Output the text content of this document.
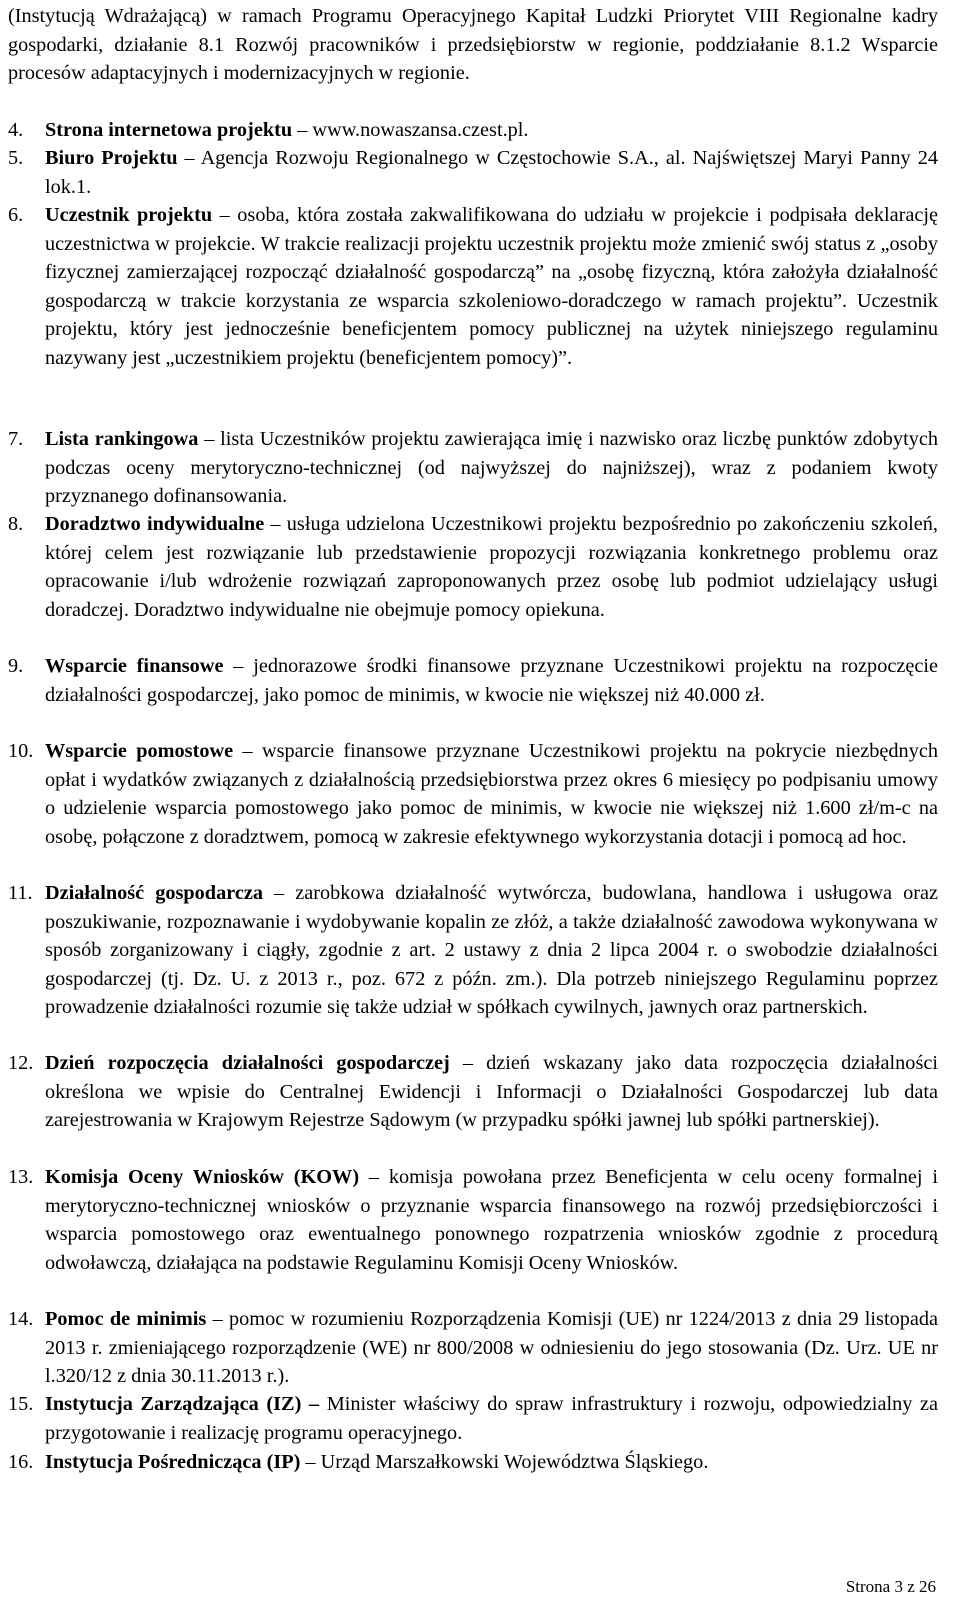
(Instytucją Wdrażającą) w ramach Programu Operacyjnego Kapitał Ludzki Priorytet VIII Regionalne kadry gospodarki, działanie 8.1 Rozwój pracowników i przedsiębiorstw w regionie, poddziałanie 8.1.2 Wsparcie procesów adaptacyjnych i modernizacyjnych w regionie.

4.	Strona internetowa projektu – www.nowaszansa.czest.pl.

5.	Biuro Projektu – Agencja Rozwoju Regionalnego w Częstochowie S.A., al. Najświętszej Maryi Panny 24 lok.1.

6.	Uczestnik projektu – osoba, która została zakwalifikowana do udziału w projekcie i podpisała deklarację uczestnictwa w projekcie. W trakcie realizacji projektu uczestnik projektu może zmienić swój status z „osoby fizycznej zamierzającej rozpocząć działalność gospodarczą” na „osobę fizyczną, która założyła działalność gospodarczą w trakcie korzystania ze wsparcia szkoleniowo-doradczego w ramach projektu”. Uczestnik projektu, który jest jednocześnie beneficjentem pomocy publicznej na użytek niniejszego regulaminu nazywany jest „uczestnikiem projektu (beneficjentem pomocy)”.

7.	Lista rankingowa – lista Uczestników projektu zawierająca imię i nazwisko oraz liczbę punktów zdobytych podczas oceny merytoryczno-technicznej (od najwyższej do najniższej), wraz z podaniem kwoty przyznanego dofinansowania.

8.	Doradztwo indywidualne – usługa udzielona Uczestnikowi projektu bezpośrednio po zakończeniu szkoleń, której celem jest rozwiązanie lub przedstawienie propozycji rozwiązania konkretnego problemu oraz opracowanie i/lub wdrożenie rozwiązań zaproponowanych przez osobę lub podmiot udzielający usługi doradczej. Doradztwo indywidualne nie obejmuje pomocy opiekuna.

9.	Wsparcie finansowe – jednorazowe środki finansowe przyznane Uczestnikowi projektu na rozpoczęcie działalności gospodarczej, jako pomoc de minimis, w kwocie nie większej niż 40.000 zł.

10. Wsparcie pomostowe – wsparcie finansowe przyznane Uczestnikowi projektu na pokrycie niezbędnych opłat i wydatków związanych z działalnością przedsiębiorstwa przez okres 6 miesięcy po podpisaniu umowy o udzielenie wsparcia pomostowego jako pomoc de minimis, w kwocie nie większej niż 1.600 zł/m-c na osobę, połączone z doradztwem, pomocą w zakresie efektywnego wykorzystania dotacji i pomocą ad hoc.

11. Działalność gospodarcza – zarobkowa działalność wytwórcza, budowlana, handlowa i usługowa oraz poszukiwanie, rozpoznawanie i wydobywanie kopalin ze złóż, a także działalność zawodowa wykonywana w sposób zorganizowany i ciągły, zgodnie z art. 2 ustawy z dnia 2 lipca 2004 r. o swobodzie działalności gospodarczej (tj. Dz. U. z 2013 r., poz. 672 z późn. zm.). Dla potrzeb niniejszego Regulaminu poprzez prowadzenie działalności rozumie się także udział w spółkach cywilnych, jawnych oraz partnerskich.

12. Dzień rozpoczęcia działalności gospodarczej – dzień wskazany jako data rozpoczęcia działalności określona we wpisie do Centralnej Ewidencji i Informacji o Działalności Gospodarczej lub data zarejestrowania w Krajowym Rejestrze Sądowym (w przypadku spółki jawnej lub spółki partnerskiej).

13. Komisja Oceny Wniosków (KOW) – komisja powołana przez Beneficjenta w celu oceny formalnej i merytoryczno-technicznej wniosków o przyznanie wsparcia finansowego na rozwój przedsiębiorczości i wsparcia pomostowego oraz ewentualnego ponownego rozpatrzenia wniosków zgodnie z procedurą odwoławczą, działająca na podstawie Regulaminu Komisji Oceny Wniosków.

14. Pomoc de minimis – pomoc w rozumieniu Rozporządzenia Komisji (UE) nr 1224/2013 z dnia 29 listopada 2013 r. zmieniającego rozporządzenie (WE) nr 800/2008 w odniesieniu do jego stosowania (Dz. Urz. UE nr l.320/12 z dnia 30.11.2013 r.).

15. Instytucja Zarządzająca (IZ) – Minister właściwy do spraw infrastruktury i rozwoju, odpowiedzialny za przygotowanie i realizację programu operacyjnego.

16. Instytucja Pośrednicząca (IP) – Urząd Marszałkowski Województwa Śląskiego.

Strona 3 z 26
